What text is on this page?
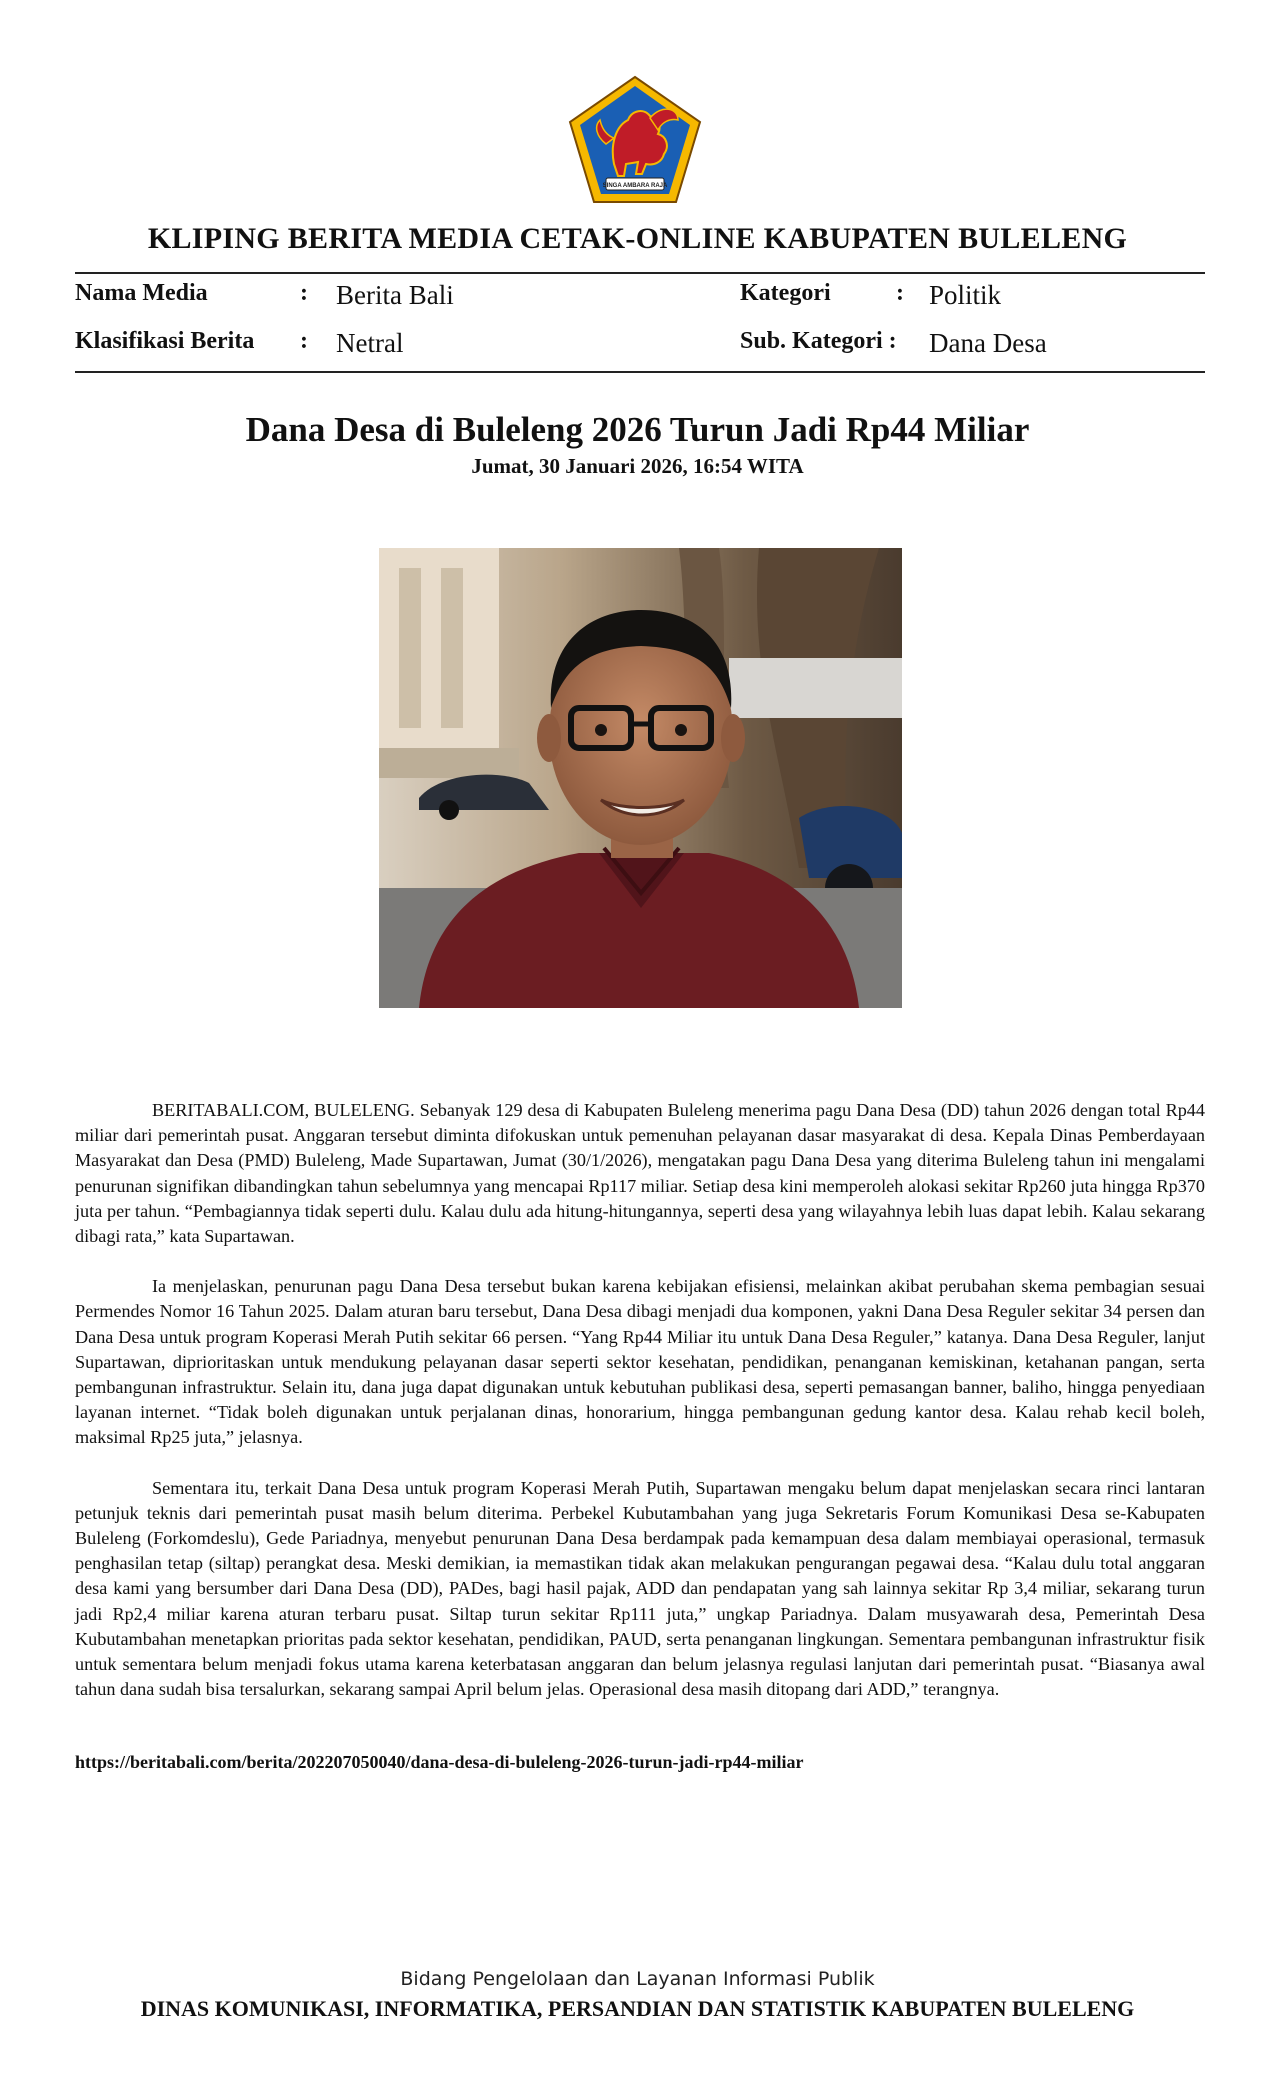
SINGA AMBARA RAJA
KLIPING BERITA MEDIA CETAK-ONLINE KABUPATEN BULELENG
Nama Media	: Berita Bali
Klasifikasi Berita : Netral
Kategori	: Politik
Sub. Kategori : Dana Desa
Dana Desa di Buleleng 2026 Turun Jadi Rp44 Miliar
Jumat, 30 Januari 2026, 16:54 WITA

BERITABALI.COM, BULELENG. Sebanyak 129 desa di Kabupaten Buleleng menerima pagu Dana Desa (DD) tahun 2026 dengan total Rp44 miliar dari pemerintah pusat. Anggaran tersebut diminta difokuskan untuk pemenuhan pelayanan dasar masyarakat di desa. Kepala Dinas Pemberdayaan Masyarakat dan Desa (PMD) Buleleng, Made Supartawan, Jumat (30/1/2026), mengatakan pagu Dana Desa yang diterima Buleleng tahun ini mengalami penurunan signifikan dibandingkan tahun sebelumnya yang mencapai Rp117 miliar. Setiap desa kini memperoleh alokasi sekitar Rp260 juta hingga Rp370 juta per tahun. “Pembagiannya tidak seperti dulu. Kalau dulu ada hitung-hitungannya, seperti desa yang wilayahnya lebih luas dapat lebih. Kalau sekarang dibagi rata,” kata Supartawan.

Ia menjelaskan, penurunan pagu Dana Desa tersebut bukan karena kebijakan efisiensi, melainkan akibat perubahan skema pembagian sesuai Permendes Nomor 16 Tahun 2025. Dalam aturan baru tersebut, Dana Desa dibagi menjadi dua komponen, yakni Dana Desa Reguler sekitar 34 persen dan Dana Desa untuk program Koperasi Merah Putih sekitar 66 persen. “Yang Rp44 Miliar itu untuk Dana Desa Reguler,” katanya. Dana Desa Reguler, lanjut Supartawan, diprioritaskan untuk mendukung pelayanan dasar seperti sektor kesehatan, pendidikan, penanganan kemiskinan, ketahanan pangan, serta pembangunan infrastruktur. Selain itu, dana juga dapat digunakan untuk kebutuhan publikasi desa, seperti pemasangan banner, baliho, hingga penyediaan layanan internet. “Tidak boleh digunakan untuk perjalanan dinas, honorarium, hingga pembangunan gedung kantor desa. Kalau rehab kecil boleh, maksimal Rp25 juta,” jelasnya.

Sementara itu, terkait Dana Desa untuk program Koperasi Merah Putih, Supartawan mengaku belum dapat menjelaskan secara rinci lantaran petunjuk teknis dari pemerintah pusat masih belum diterima. Perbekel Kubutambahan yang juga Sekretaris Forum Komunikasi Desa se-Kabupaten Buleleng (Forkomdeslu), Gede Pariadnya, menyebut penurunan Dana Desa berdampak pada kemampuan desa dalam membiayai operasional, termasuk penghasilan tetap (siltap) perangkat desa. Meski demikian, ia memastikan tidak akan melakukan pengurangan pegawai desa. “Kalau dulu total anggaran desa kami yang bersumber dari Dana Desa (DD), PADes, bagi hasil pajak, ADD dan pendapatan yang sah lainnya sekitar Rp 3,4 miliar, sekarang turun jadi Rp2,4 miliar karena aturan terbaru pusat. Siltap turun sekitar Rp111 juta,” ungkap Pariadnya. Dalam musyawarah desa, Pemerintah Desa Kubutambahan menetapkan prioritas pada sektor kesehatan, pendidikan, PAUD, serta penanganan lingkungan. Sementara pembangunan infrastruktur fisik untuk sementara belum menjadi fokus utama karena keterbatasan anggaran dan belum jelasnya regulasi lanjutan dari pemerintah pusat. “Biasanya awal tahun dana sudah bisa tersalurkan, sekarang sampai April belum jelas. Operasional desa masih ditopang dari ADD,” terangnya.

https://beritabali.com/berita/202207050040/dana-desa-di-buleleng-2026-turun-jadi-rp44-miliar
Bidang Pengelolaan dan Layanan Informasi Publik
DINAS KOMUNIKASI, INFORMATIKA, PERSANDIAN DAN STATISTIK KABUPATEN BULELENG
